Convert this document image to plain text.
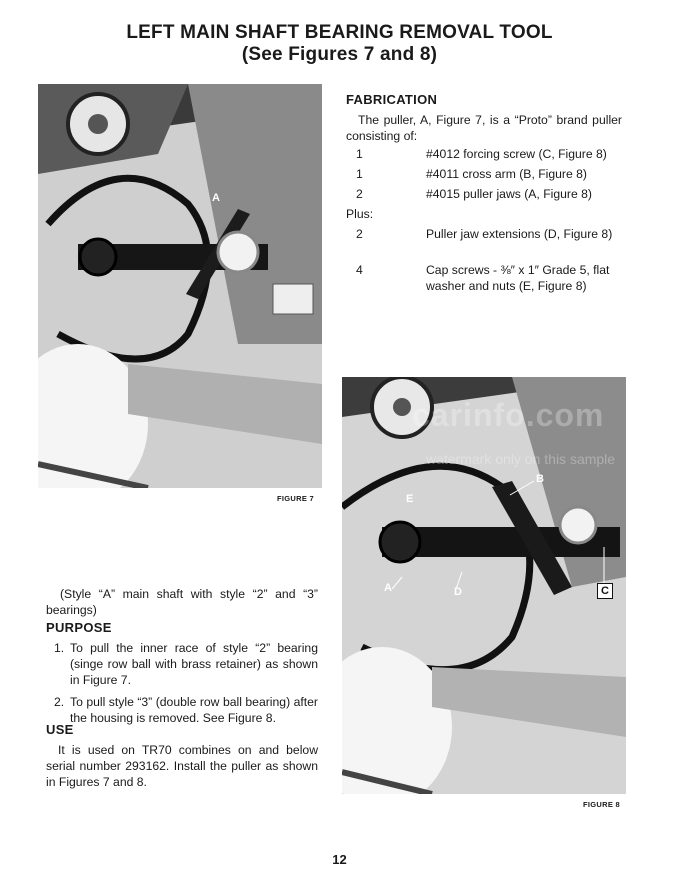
LEFT MAIN SHAFT BEARING REMOVAL TOOL
(See Figures 7 and 8)
A
FIGURE 7
FABRICATION
The puller, A, Figure 7, is a “Proto” brand puller consisting of:
1	#4012 forcing screw (C, Figure 8)
1	#4011 cross arm (B, Figure 8)
2	#4015 puller jaws (A, Figure 8)
Plus:
2	Puller jaw extensions (D, Figure 8)
4	Cap screws - ⅜″ x 1″ Grade 5, flat washer and nuts (E, Figure 8)
carinfo.com
watermark only on this sample
A
B
C
D
E
FIGURE 8
(Style “A” main shaft with style “2” and “3” bearings)
PURPOSE
1. To pull the inner race of style “2” bearing (singe row ball with brass retainer) as shown in Figure 7.
2. To pull style “3” (double row ball bearing) after the housing is removed. See Figure 8.
USE
It is used on TR70 combines on and below serial number 293162. Install the puller as shown in Figures 7 and 8.
12
